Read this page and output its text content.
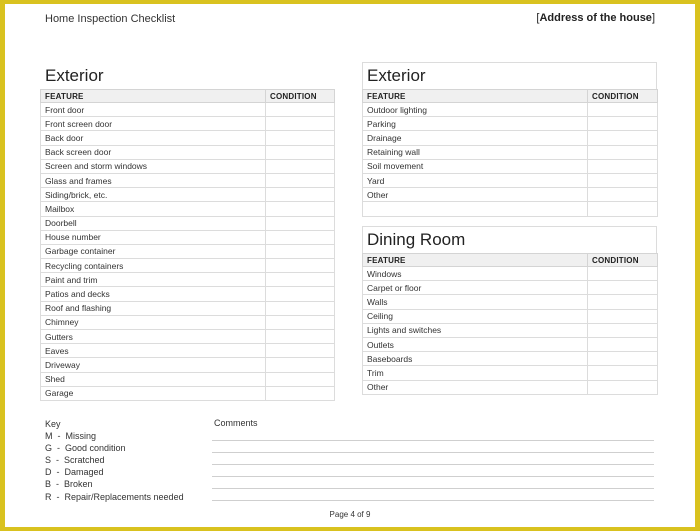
Home Inspection Checklist	[Address of the house]
Exterior
FEATURE	CONDITION
Front door	
Front screen door	
Back door	
Back screen door	
Screen and storm windows	
Glass and frames	
Siding/brick, etc.	
Mailbox	
Doorbell	
House number	
Garbage container	
Recycling containers	
Paint and trim	
Patios and decks	
Roof and flashing	
Chimney	
Gutters	
Eaves	
Driveway	
Shed	
Garage	
Exterior
FEATURE	CONDITION
Outdoor lighting	
Parking	
Drainage	
Retaining wall	
Soil movement	
Yard	
Other	

Dining Room
FEATURE	CONDITION
Windows	
Carpet or floor	
Walls	
Ceiling	
Lights and switches	
Outlets	
Baseboards	
Trim	
Other	
Key
M  -  Missing
G  -  Good condition
S  -  Scratched
D  -  Damaged
B  -  Broken
R  -  Repair/Replacements needed
Comments
Page 4 of 9
